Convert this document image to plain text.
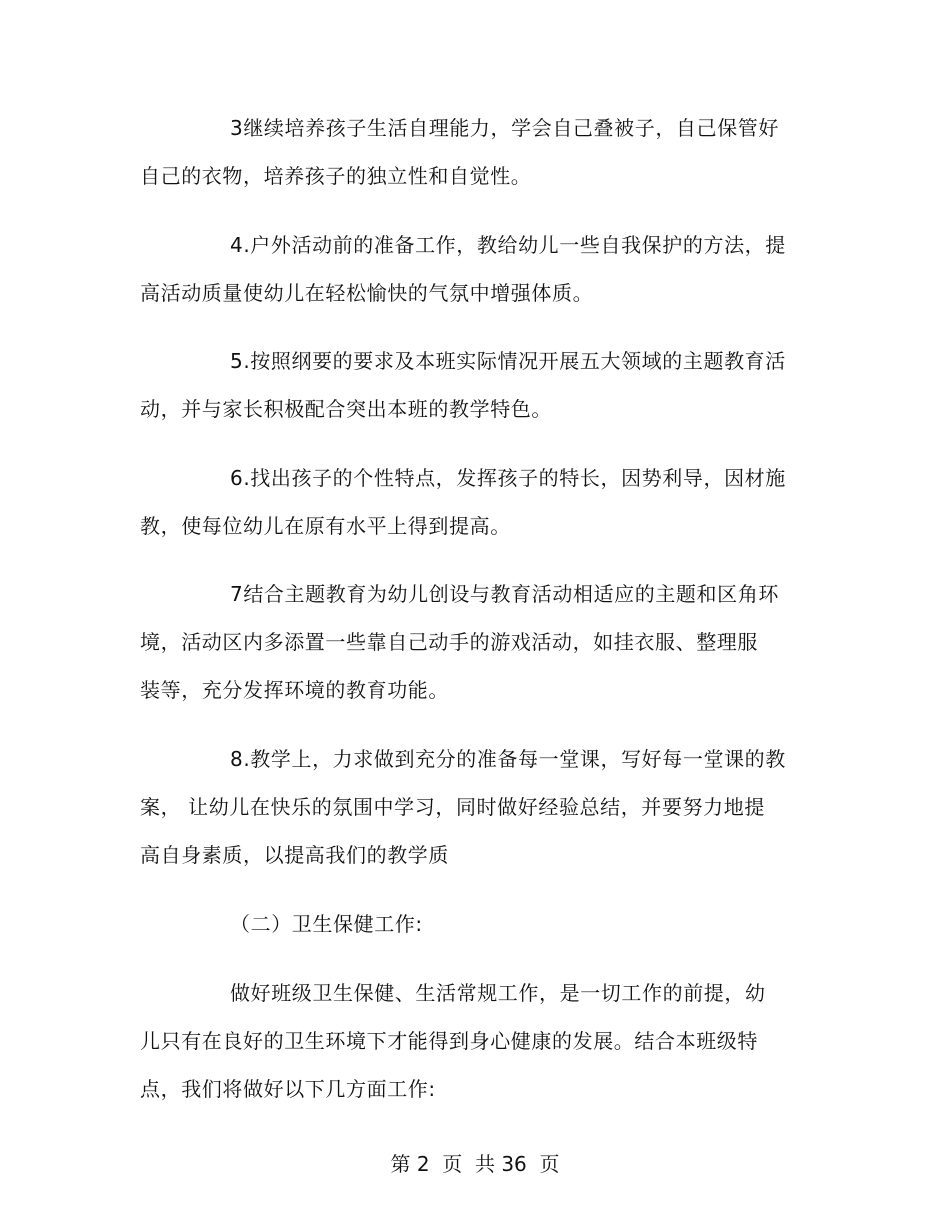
3继续培养孩子生活自理能力，学会自己叠被子，自己保管好
自己的衣物，培养孩子的独立性和自觉性。
4.户外活动前的准备工作，教给幼儿一些自我保护的方法，提
高活动质量使幼儿在轻松愉快的气氛中增强体质。
5.按照纲要的要求及本班实际情况开展五大领域的主题教育活
动，并与家长积极配合突出本班的教学特色。
6.找出孩子的个性特点，发挥孩子的特长，因势利导，因材施
教，使每位幼儿在原有水平上得到提高。
7结合主题教育为幼儿创设与教育活动相适应的主题和区角环
境，活动区内多添置一些靠自己动手的游戏活动，如挂衣服、整理服
装等，充分发挥环境的教育功能。
8.教学上，力求做到充分的准备每一堂课，写好每一堂课的教
案， 让幼儿在快乐的氛围中学习，同时做好经验总结，并要努力地提
高自身素质，以提高我们的教学质
（二）卫生保健工作:
做好班级卫生保健、生活常规工作，是一切工作的前提，幼
儿只有在良好的卫生环境下才能得到身心健康的发展。结合本班级特
点，我们将做好以下几方面工作:
第 2  页  共 36  页
